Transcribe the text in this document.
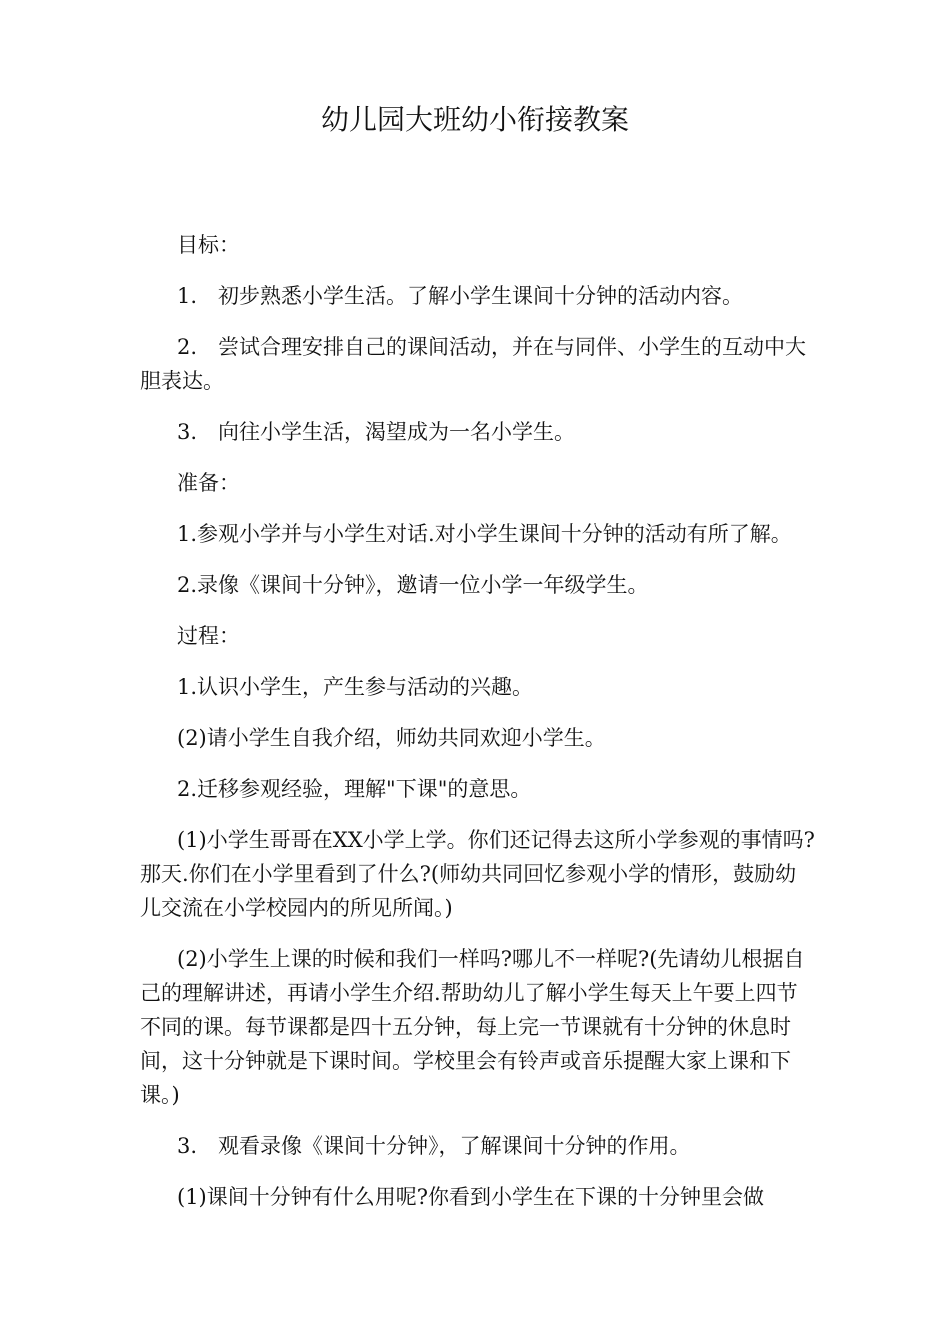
幼儿园大班幼小衔接教案

目标：

1.　初步熟悉小学生活。了解小学生课间十分钟的活动内容。

2.　尝试合理安排自己的课间活动，并在与同伴、小学生的互动中大胆表达。

3.　向往小学生活，渴望成为一名小学生。

准备：

1.参观小学并与小学生对话.对小学生课间十分钟的活动有所了解。

2.录像《课间十分钟》，邀请一位小学一年级学生。

过程：

1.认识小学生，产生参与活动的兴趣。

(2)请小学生自我介绍，师幼共同欢迎小学生。

2.迁移参观经验，理解"下课"的意思。

(1)小学生哥哥在XX小学上学。你们还记得去这所小学参观的事情吗?那天.你们在小学里看到了什么?(师幼共同回忆参观小学的情形，鼓励幼儿交流在小学校园内的所见所闻。)

(2)小学生上课的时候和我们一样吗?哪儿不一样呢?(先请幼儿根据自己的理解讲述，再请小学生介绍.帮助幼儿了解小学生每天上午要上四节不同的课。每节课都是四十五分钟，每上完一节课就有十分钟的休息时间，这十分钟就是下课时间。学校里会有铃声或音乐提醒大家上课和下课。)

3.　观看录像《课间十分钟》，了解课间十分钟的作用。

(1)课间十分钟有什么用呢?你看到小学生在下课的十分钟里会做
